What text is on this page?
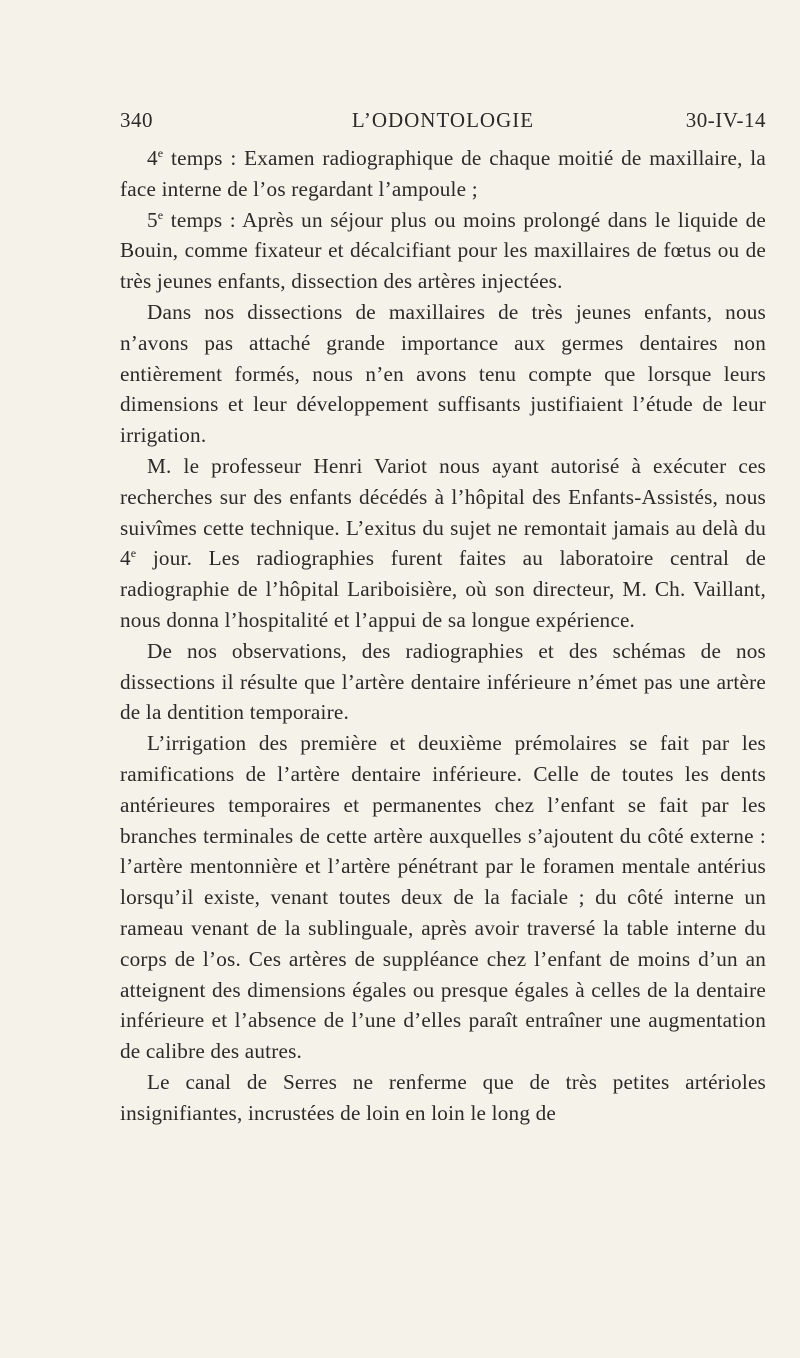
340	L’ODONTOLOGIE	30-IV-14

4e temps : Examen radiographique de chaque moitié de maxillaire, la face interne de l’os regardant l’ampoule ;

5e temps : Après un séjour plus ou moins prolongé dans le liquide de Bouin, comme fixateur et décalcifiant pour les maxillaires de fœtus ou de très jeunes enfants, dissection des artères injectées.

Dans nos dissections de maxillaires de très jeunes enfants, nous n’avons pas attaché grande importance aux germes dentaires non entièrement formés, nous n’en avons tenu compte que lorsque leurs dimensions et leur développement suffisants justifiaient l’étude de leur irrigation.

M. le professeur Henri Variot nous ayant autorisé à exécuter ces recherches sur des enfants décédés à l’hôpital des Enfants-Assistés, nous suivîmes cette technique. L’exitus du sujet ne remontait jamais au delà du 4e jour. Les radiographies furent faites au laboratoire central de radiographie de l’hôpital Lariboisière, où son directeur, M. Ch. Vaillant, nous donna l’hospitalité et l’appui de sa longue expérience.

De nos observations, des radiographies et des schémas de nos dissections il résulte que l’artère dentaire inférieure n’émet pas une artère de la dentition temporaire.

L’irrigation des première et deuxième prémolaires se fait par les ramifications de l’artère dentaire inférieure. Celle de toutes les dents antérieures temporaires et permanentes chez l’enfant se fait par les branches terminales de cette artère auxquelles s’ajoutent du côté externe : l’artère mentonnière et l’artère pénétrant par le foramen mentale antérius lorsqu’il existe, venant toutes deux de la faciale ; du côté interne un rameau venant de la sublinguale, après avoir traversé la table interne du corps de l’os. Ces artères de suppléance chez l’enfant de moins d’un an atteignent des dimensions égales ou presque égales à celles de la dentaire inférieure et l’absence de l’une d’elles paraît entraîner une augmentation de calibre des autres.

Le canal de Serres ne renferme que de très petites artérioles insignifiantes, incrustées de loin en loin le long de
